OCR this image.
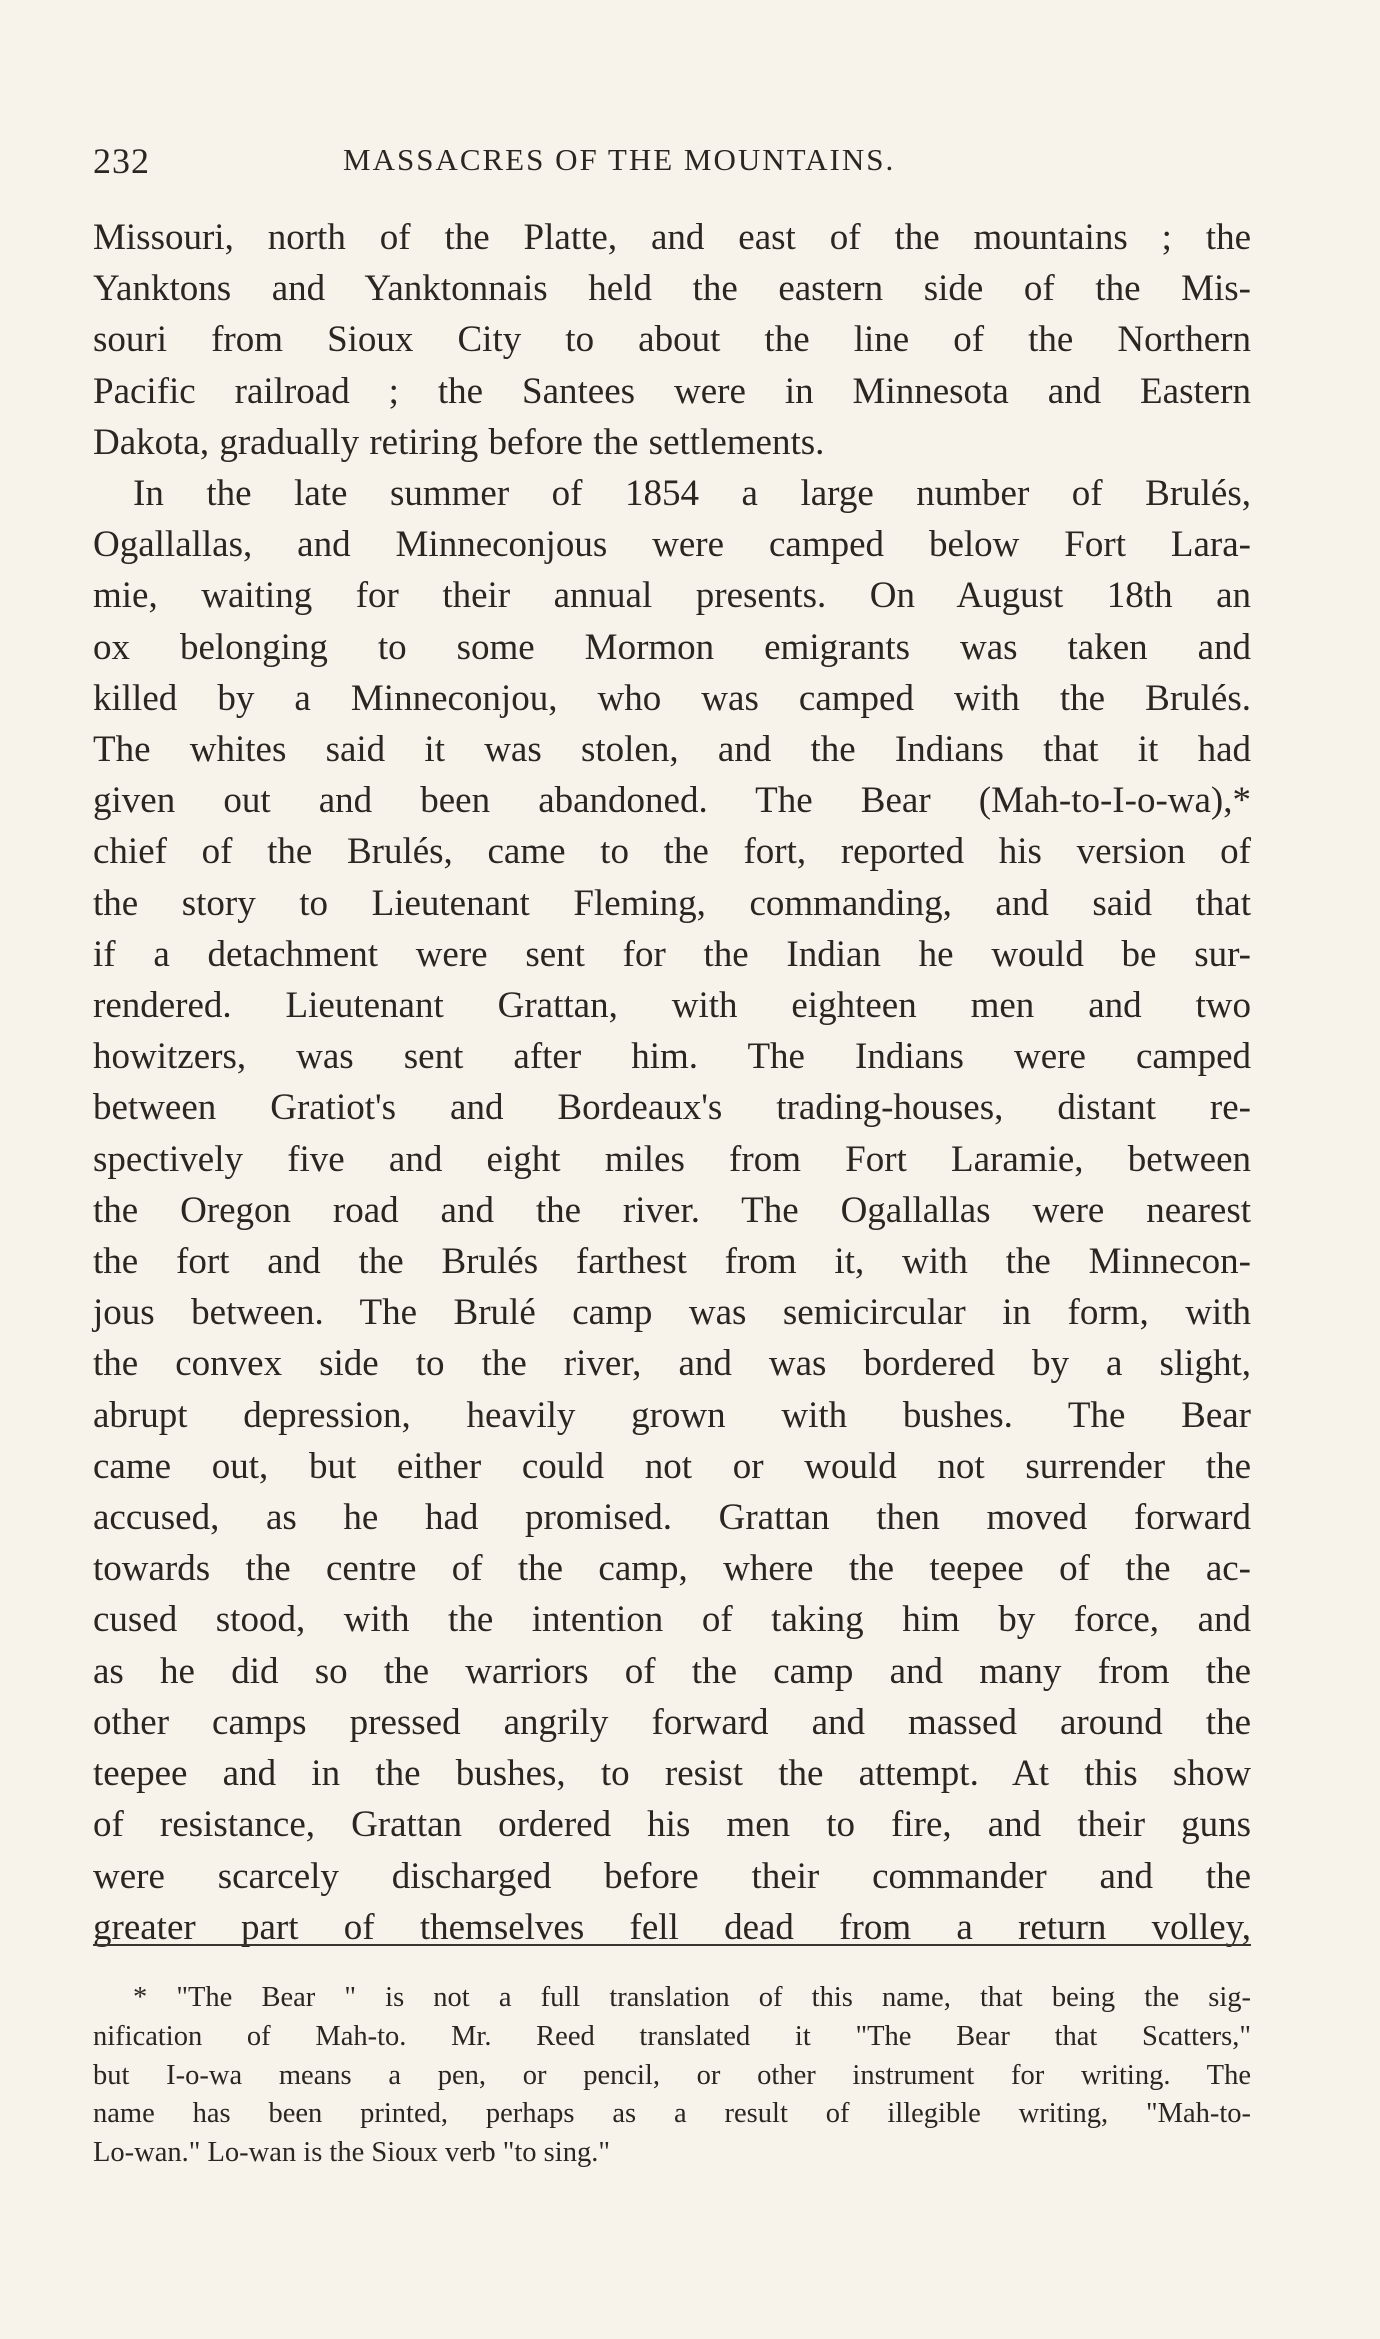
232	MASSACRES OF THE MOUNTAINS.

Missouri, north of the Platte, and east of the mountains ; the
Yanktons and Yanktonnais held the eastern side of the Mis-
souri from Sioux City to about the line of the Northern
Pacific railroad ; the Santees were in Minnesota and Eastern
Dakota, gradually retiring before the settlements.

In the late summer of 1854 a large number of Brulés,
Ogallallas, and Minneconjous were camped below Fort Lara-
mie, waiting for their annual presents. On August 18th an
ox belonging to some Mormon emigrants was taken and
killed by a Minneconjou, who was camped with the Brulés.
The whites said it was stolen, and the Indians that it had
given out and been abandoned. The Bear (Mah-to-I-o-wa),*
chief of the Brulés, came to the fort, reported his version of
the story to Lieutenant Fleming, commanding, and said that
if a detachment were sent for the Indian he would be sur-
rendered. Lieutenant Grattan, with eighteen men and two
howitzers, was sent after him. The Indians were camped
between Gratiot's and Bordeaux's trading-houses, distant re-
spectively five and eight miles from Fort Laramie, between
the Oregon road and the river. The Ogallallas were nearest
the fort and the Brulés farthest from it, with the Minnecon-
jous between. The Brulé camp was semicircular in form, with
the convex side to the river, and was bordered by a slight,
abrupt depression, heavily grown with bushes. The Bear
came out, but either could not or would not surrender the
accused, as he had promised. Grattan then moved forward
towards the centre of the camp, where the teepee of the ac-
cused stood, with the intention of taking him by force, and
as he did so the warriors of the camp and many from the
other camps pressed angrily forward and massed around the
teepee and in the bushes, to resist the attempt. At this show
of resistance, Grattan ordered his men to fire, and their guns
were scarcely discharged before their commander and the
greater part of themselves fell dead from a return volley,

* "The Bear " is not a full translation of this name, that being the sig-
nification of Mah-to. Mr. Reed translated it "The Bear that Scatters,"
but I-o-wa means a pen, or pencil, or other instrument for writing. The
name has been printed, perhaps as a result of illegible writing, "Mah-to-
Lo-wan." Lo-wan is the Sioux verb "to sing."
